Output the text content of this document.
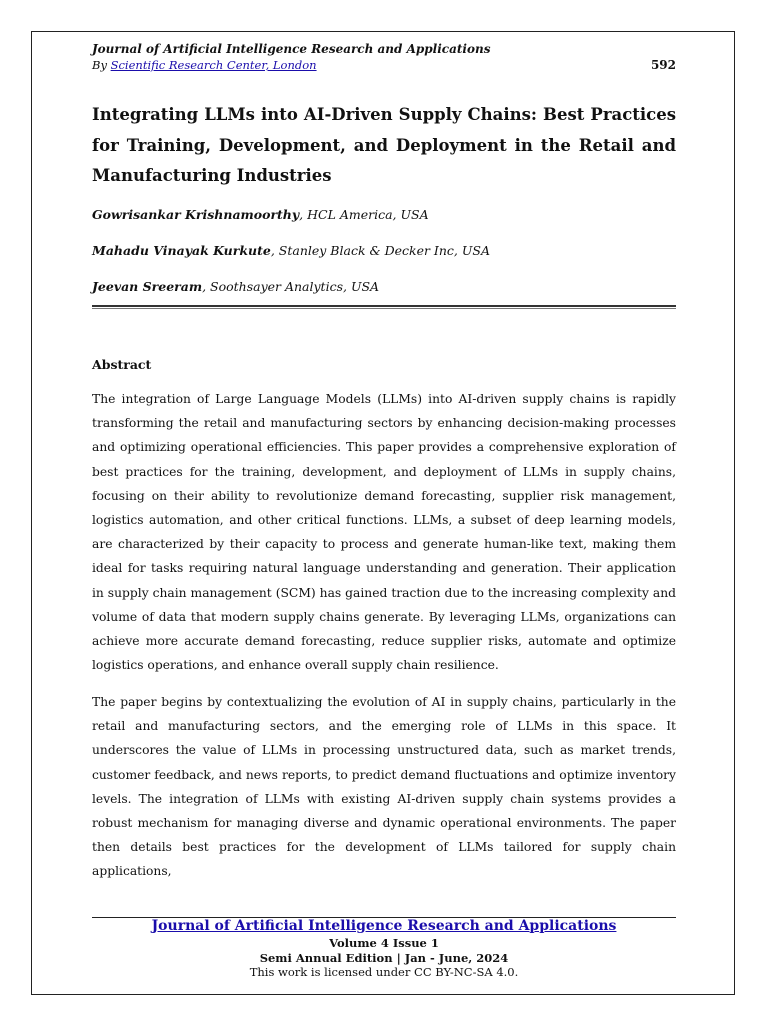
Journal of Artificial Intelligence Research and Applications
By Scientific Research Center, London	592
Integrating LLMs into AI-Driven Supply Chains: Best Practices for Training, Development, and Deployment in the Retail and Manufacturing Industries
Gowrisankar Krishnamoorthy, HCL America, USA
Mahadu Vinayak Kurkute, Stanley Black & Decker Inc, USA
Jeevan Sreeram, Soothsayer Analytics, USA
Abstract

The integration of Large Language Models (LLMs) into AI-driven supply chains is rapidly transforming the retail and manufacturing sectors by enhancing decision-making processes and optimizing operational efficiencies. This paper provides a comprehensive exploration of best practices for the training, development, and deployment of LLMs in supply chains, focusing on their ability to revolutionize demand forecasting, supplier risk management, logistics automation, and other critical functions. LLMs, a subset of deep learning models, are characterized by their capacity to process and generate human-like text, making them ideal for tasks requiring natural language understanding and generation. Their application in supply chain management (SCM) has gained traction due to the increasing complexity and volume of data that modern supply chains generate. By leveraging LLMs, organizations can achieve more accurate demand forecasting, reduce supplier risks, automate and optimize logistics operations, and enhance overall supply chain resilience.

The paper begins by contextualizing the evolution of AI in supply chains, particularly in the retail and manufacturing sectors, and the emerging role of LLMs in this space. It underscores the value of LLMs in processing unstructured data, such as market trends, customer feedback, and news reports, to predict demand fluctuations and optimize inventory levels. The integration of LLMs with existing AI-driven supply chain systems provides a robust mechanism for managing diverse and dynamic operational environments. The paper then details best practices for the development of LLMs tailored for supply chain applications,

Journal of Artificial Intelligence Research and Applications
Volume 4 Issue 1
Semi Annual Edition | Jan - June, 2024
This work is licensed under CC BY-NC-SA 4.0.
